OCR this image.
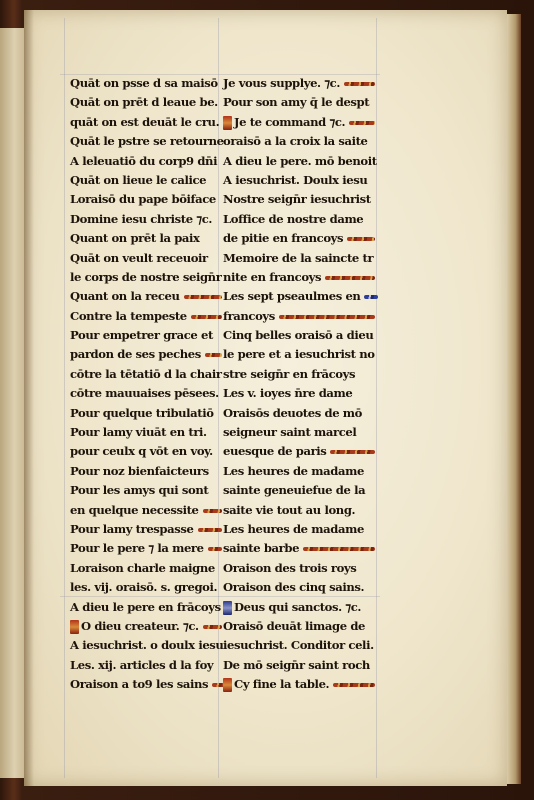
Quāt on psse d sa maisō
Quāt on prēt d leaue be.
quāt on est deuāt le cru.
Quāt le pstre se retourne
A leleuatiō du corp9 dn̄i
Quāt on lieue le calice
Loraisō du pape bōiface
Domine iesu christe ⁊c.
Quant on prēt la paix
Quāt on veult receuoir
le corps de nostre seign̄r
Quant on la receu
Contre la tempeste
Pour empetrer grace et
pardon de ses peches
cōtre la tētatiō d la chair
cōtre mauuaises pēsees.
Pour quelque tribulatiō
Pour lamy viuāt en tri.
pour ceulx q vōt en voy.
Pour noz bienfaicteurs
Pour les amys qui sont
en quelque necessite
Pour lamy trespasse
Pour le pere ⁊ la mere
Loraison charle maigne
les. vij. oraisō. s. gregoi.
A dieu le pere en frācoys
O dieu createur. ⁊c.
A iesuchrist. o doulx iesu
Les. xij. articles d la foy
Oraison a to9 les sains
Je vous supplye. ⁊c.
Pour son amy q̄ le despt
Je te command ⁊c.
oraisō a la croix la saite
A dieu le pere. mō benoit
A iesuchrist. Doulx iesu
Nostre seign̄r iesuchrist
Loffice de nostre dame
de pitie en francoys
Memoire de la saincte tr
nite en francoys
Les sept pseaulmes en
francoys
Cinq belles oraisō a dieu
le pere et a iesuchrist no
stre seign̄r en frācoys
Les v. ioyes n̄re dame
Oraisōs deuotes de mō
seigneur saint marcel
euesque de paris
Les heures de madame
sainte geneuiefue de la
saite vie tout au long.
Les heures de madame
sainte barbe
Oraison des trois roys
Oraison des cinq sains.
Deus qui sanctos. ⁊c.
Oraisō deuāt limage de
iesuchrist. Conditor celi.
De mō seign̄r saint roch
Cy fine la table.
